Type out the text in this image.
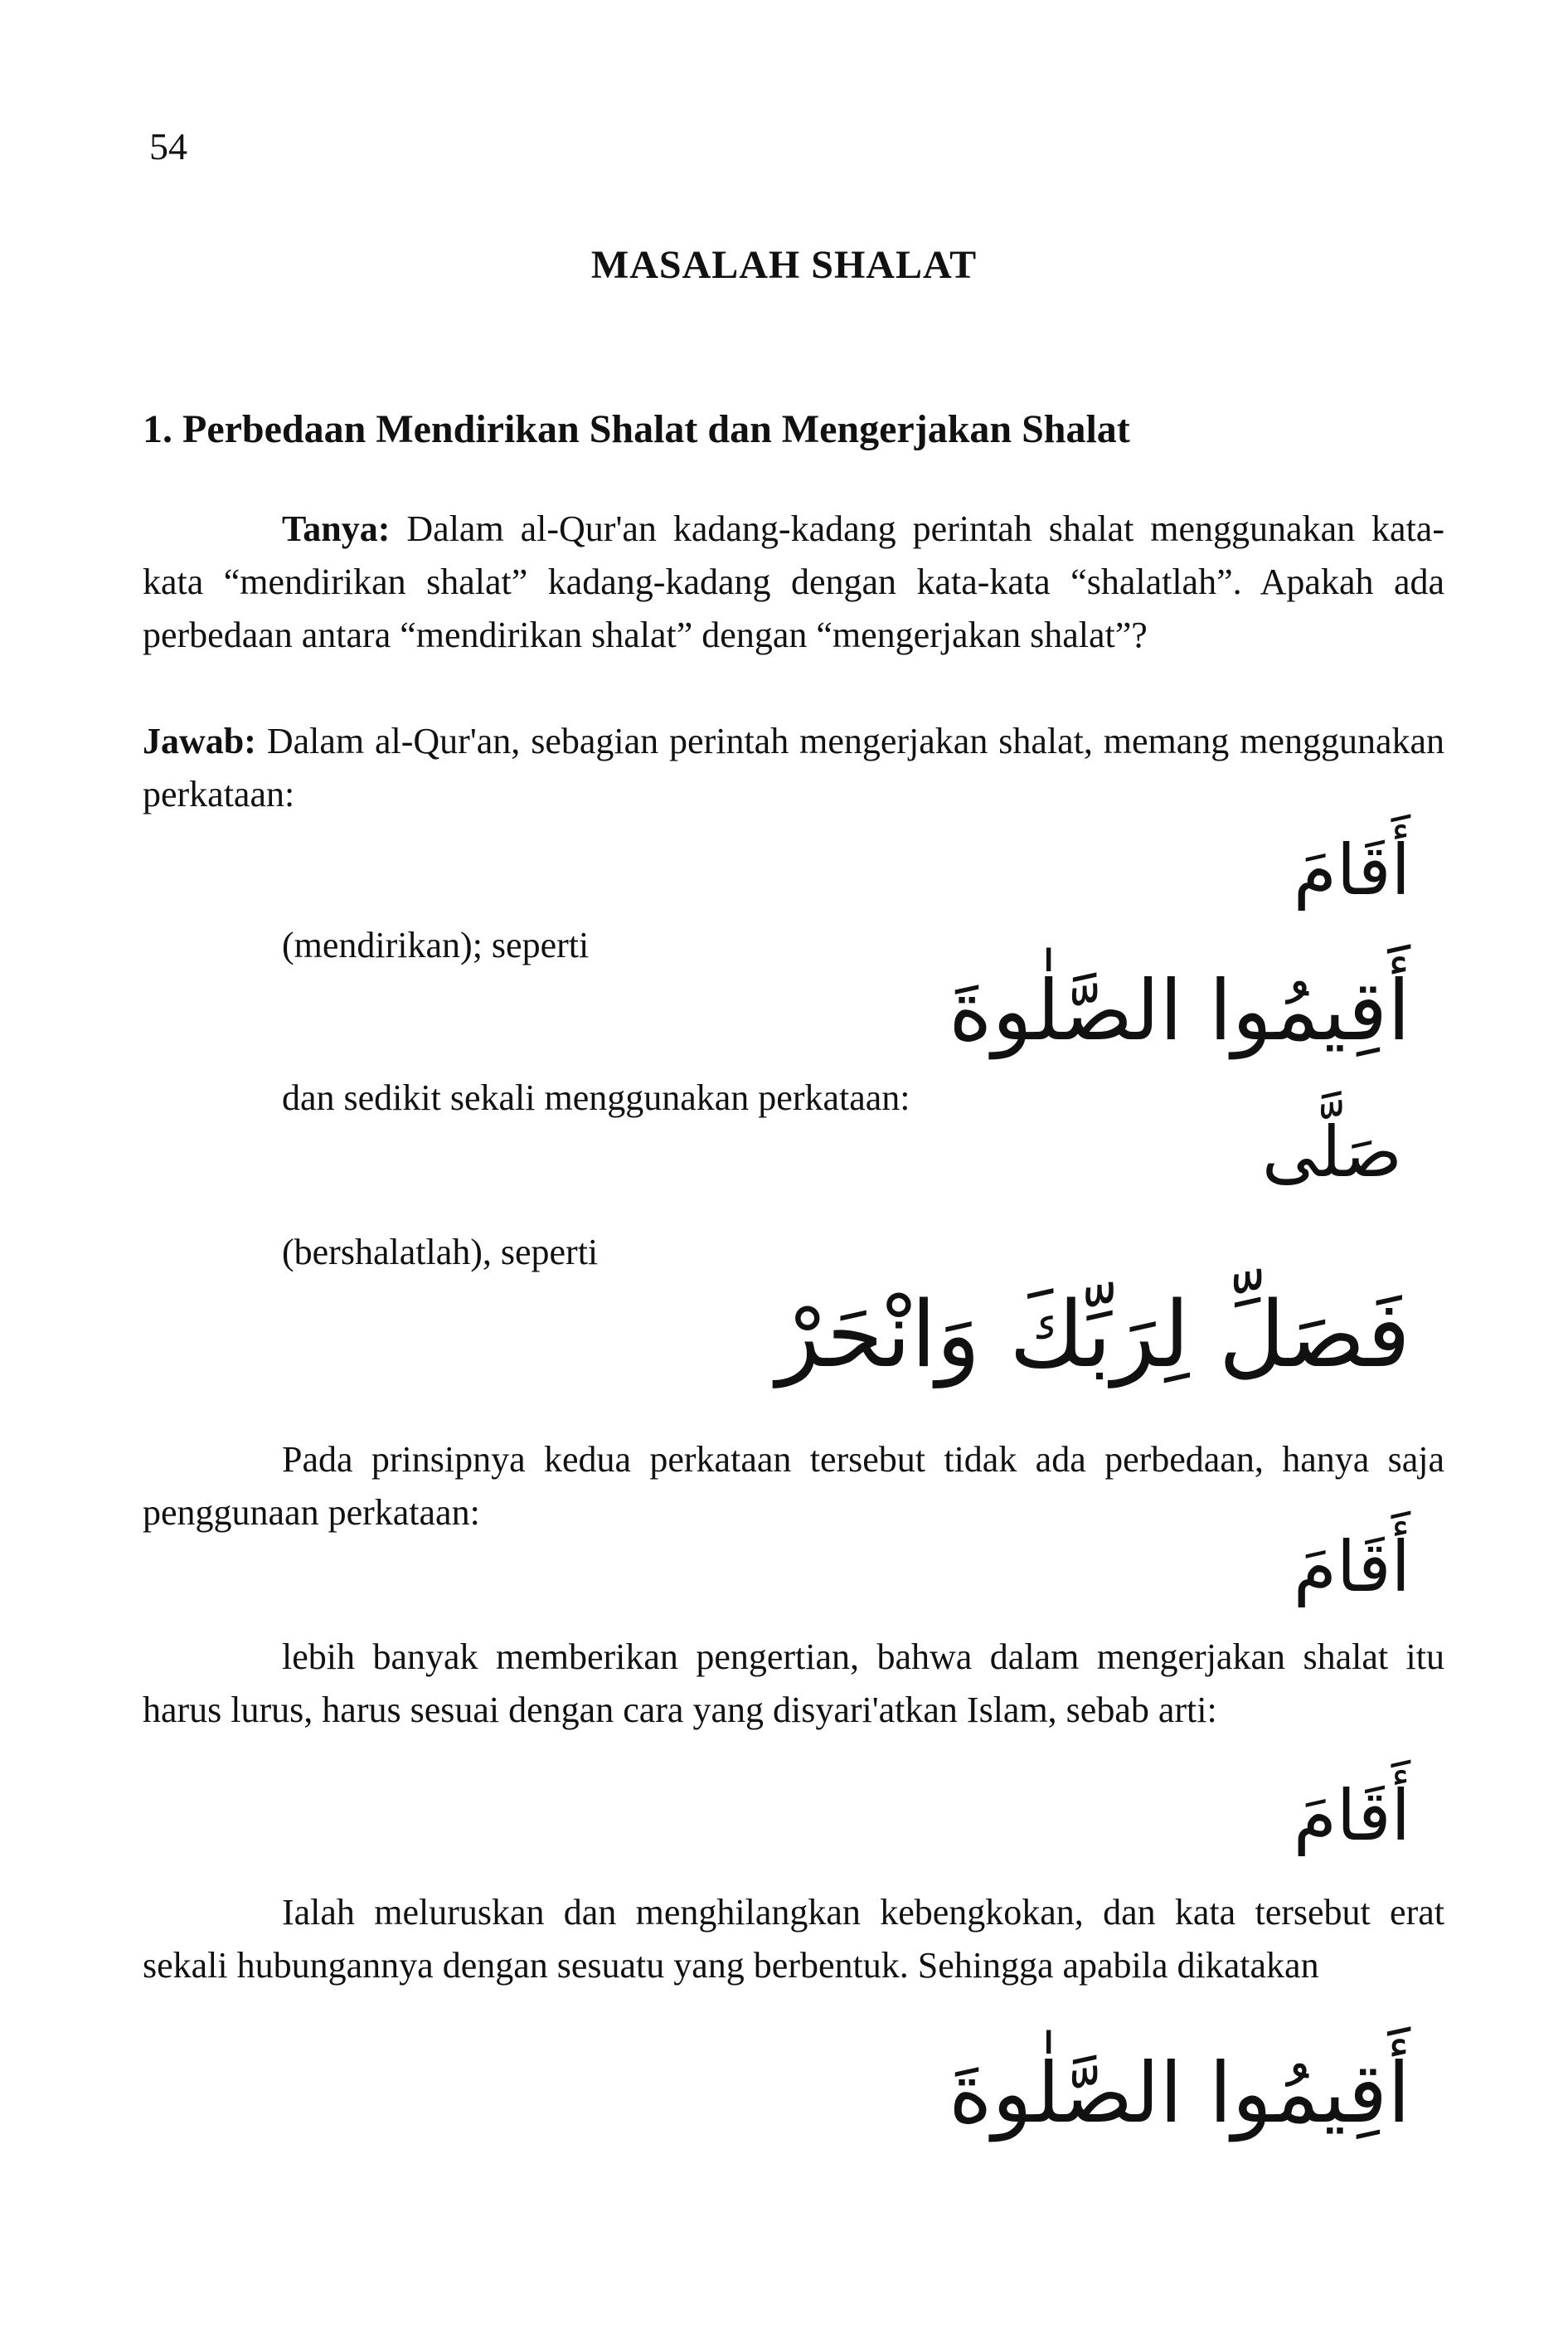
54
MASALAH SHALAT
1. Perbedaan Mendirikan Shalat dan Mengerjakan Shalat

Tanya: Dalam al-Qur'an kadang-kadang perintah shalat menggunakan kata-kata “mendirikan shalat” kadang-kadang dengan kata-kata “shalatlah”. Apakah ada perbedaan antara “mendirikan shalat” dengan “mengerjakan shalat”?

Jawab: Dalam al-Qur'an, sebagian perintah mengerjakan shalat, memang menggunakan perkataan:

أَقَامَ
(mendirikan); seperti
أَقِيمُوا الصَّلٰوةَ
dan sedikit sekali menggunakan perkataan:
صَلَّى
(bershalatlah), seperti
فَصَلِّ لِرَبِّكَ وَانْحَرْ

Pada prinsipnya kedua perkataan tersebut tidak ada perbedaan, hanya saja penggunaan perkataan:

أَقَامَ

lebih banyak memberikan pengertian, bahwa dalam mengerjakan shalat itu harus lurus, harus sesuai dengan cara yang disyari'atkan Islam, sebab arti:

أَقَامَ

Ialah meluruskan dan menghilangkan kebengkokan, dan kata tersebut erat sekali hubungannya dengan sesuatu yang berbentuk. Sehingga apabila dikatakan

أَقِيمُوا الصَّلٰوةَ
